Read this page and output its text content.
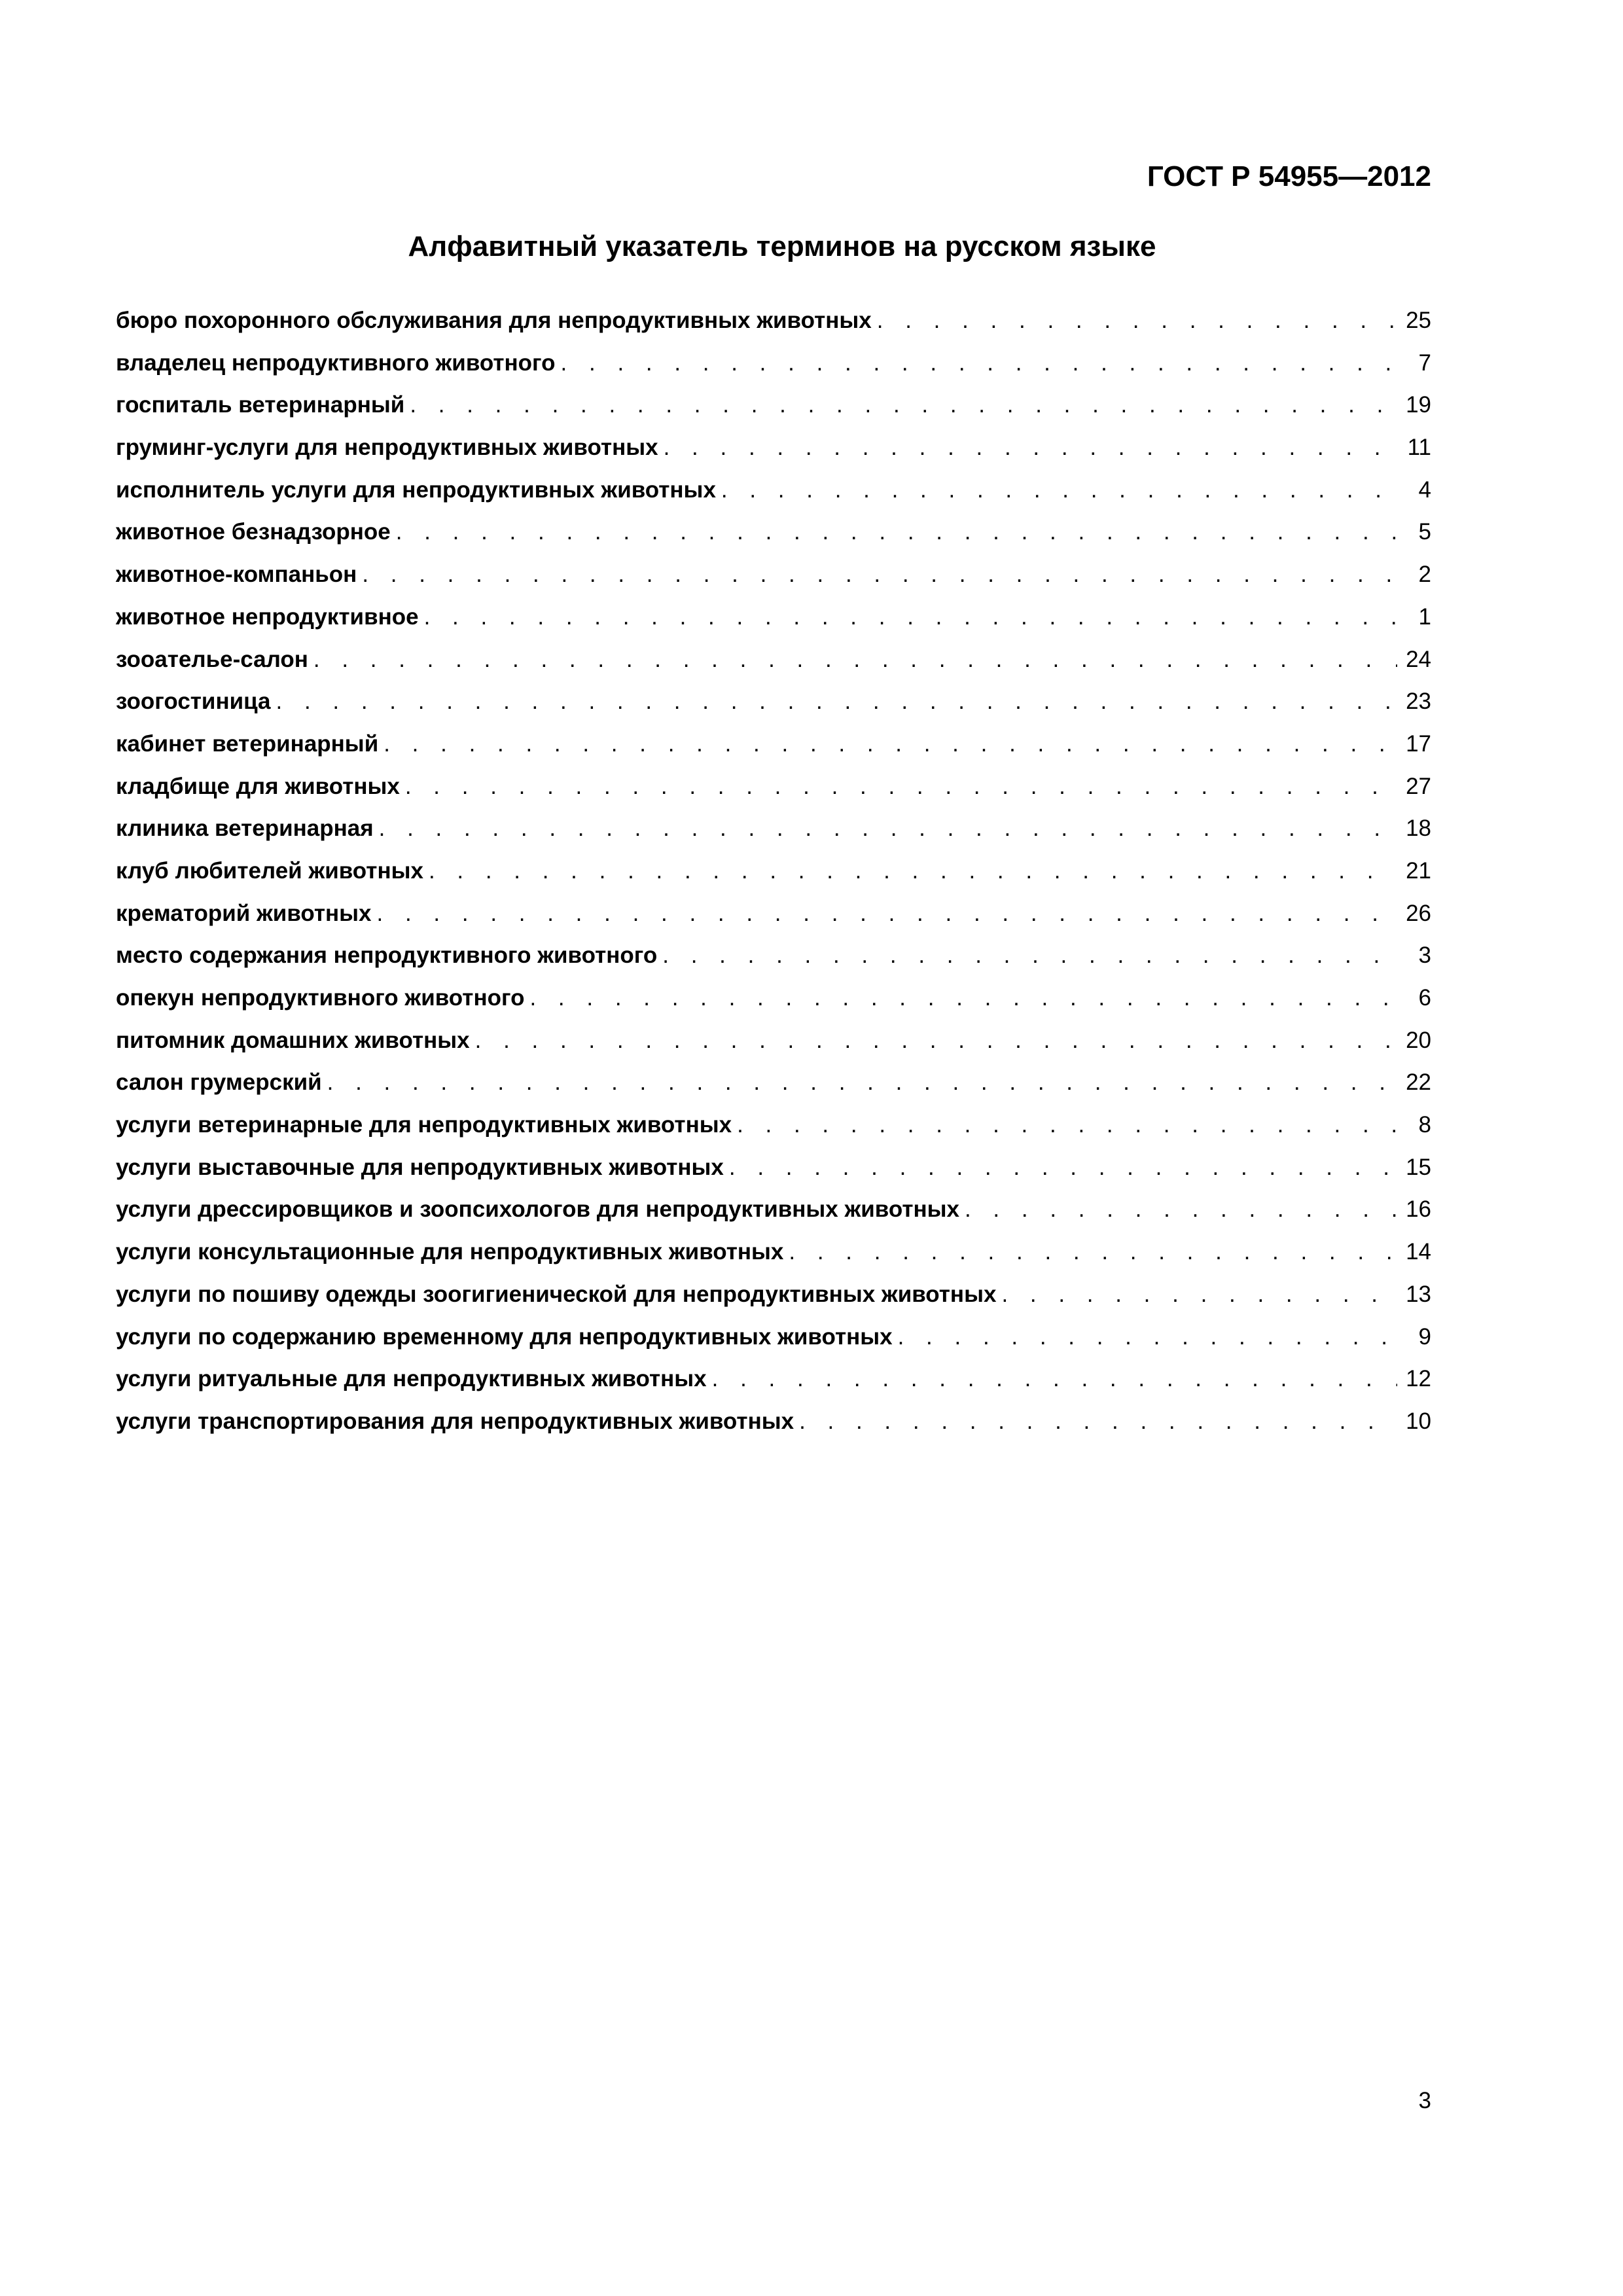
ГОСТ Р 54955—2012
Алфавитный указатель терминов на русском языке
бюро похоронного обслуживания для непродуктивных животных . . .	25
владелец непродуктивного животного . . .	7
госпиталь ветеринарный . . .	19
груминг-услуги для непродуктивных животных . . .	11
исполнитель услуги для непродуктивных животных . . .	4
животное безнадзорное . . .	5
животное-компаньон . . .	2
животное непродуктивное . . .	1
зооателье-салон . . .	24
зоогостиница . . .	23
кабинет ветеринарный . . .	17
кладбище для животных . . .	27
клиника ветеринарная . . .	18
клуб любителей животных . . .	21
крематорий животных . . .	26
место содержания непродуктивного животного . . .	3
опекун непродуктивного животного . . .	6
питомник домашних животных . . .	20
салон грумерский . . .	22
услуги ветеринарные для непродуктивных животных . . .	8
услуги выставочные для непродуктивных животных . . .	15
услуги дрессировщиков и зоопсихологов для непродуктивных животных . . .	16
услуги консультационные для непродуктивных животных . . .	14
услуги по пошиву одежды зоогигиенической для непродуктивных животных . . .	13
услуги по содержанию временному для непродуктивных животных . . .	9
услуги ритуальные для непродуктивных животных . . .	12
услуги транспортирования для непродуктивных животных . . .	10
3
